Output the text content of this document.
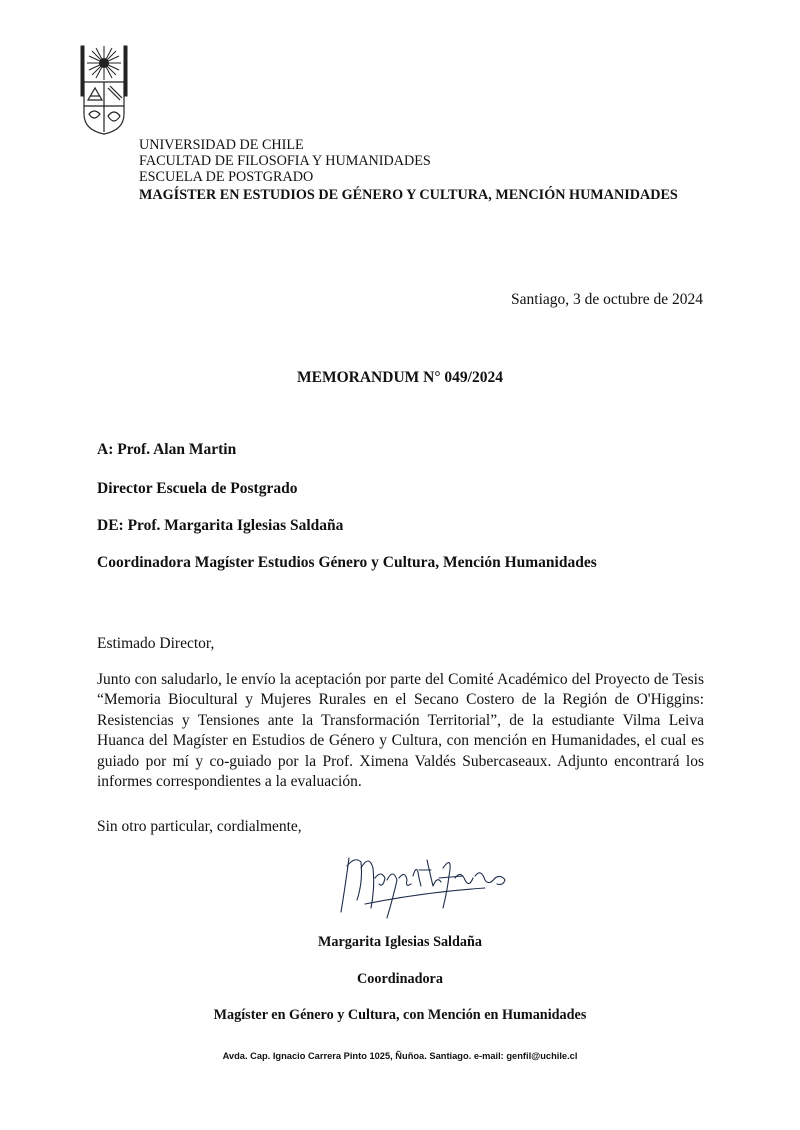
UNIVERSIDAD DE CHILE
FACULTAD DE FILOSOFIA Y HUMANIDADES
ESCUELA DE POSTGRADO
MAGÍSTER EN ESTUDIOS DE GÉNERO Y CULTURA, MENCIÓN HUMANIDADES
Santiago, 3 de octubre de 2024
MEMORANDUM N° 049/2024
A: Prof. Alan Martin
Director Escuela de Postgrado
DE: Prof. Margarita Iglesias Saldaña
Coordinadora Magíster Estudios Género y Cultura, Mención Humanidades
Estimado Director,
Junto con saludarlo, le envío la aceptación por parte del Comité Académico del Proyecto de Tesis “Memoria Biocultural y Mujeres Rurales en el Secano Costero de la Región de O'Higgins: Resistencias y Tensiones ante la Transformación Territorial”, de la estudiante Vilma Leiva Huanca del Magíster en Estudios de Género y Cultura, con mención en Humanidades, el cual es guiado por mí y co-guiado por la Prof. Ximena Valdés Subercaseaux. Adjunto encontrará los informes correspondientes a la evaluación.
Sin otro particular, cordialmente,
Margarita Iglesias Saldaña
Coordinadora
Magíster en Género y Cultura, con Mención en Humanidades
Avda. Cap. Ignacio Carrera Pinto 1025, Ñuñoa. Santiago. e-mail: genfil@uchile.cl
